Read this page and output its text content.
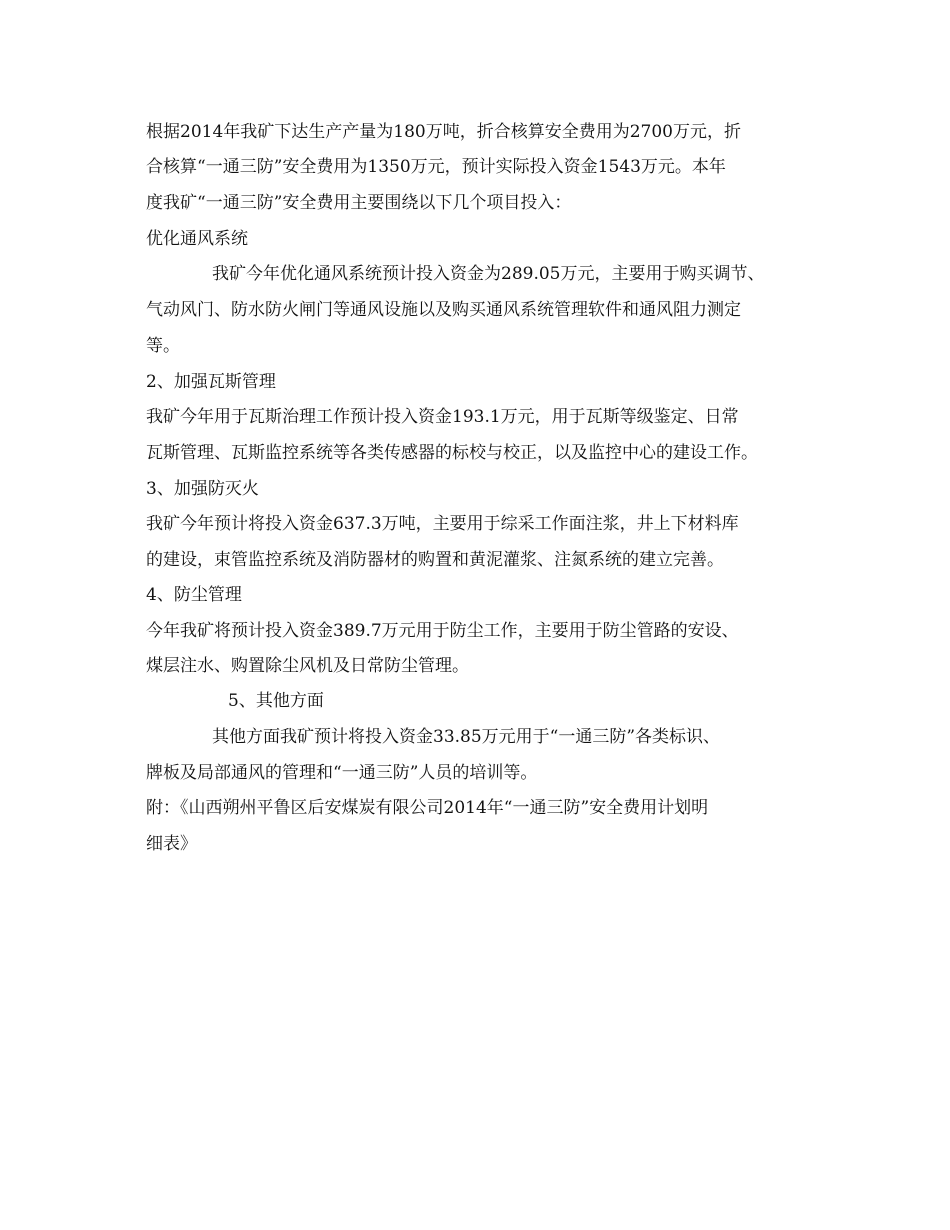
根据2014年我矿下达生产产量为180万吨，折合核算安全费用为2700万元，折
合核算“一通三防”安全费用为1350万元，预计实际投入资金1543万元。本年
度我矿“一通三防”安全费用主要围绕以下几个项目投入：
优化通风系统
我矿今年优化通风系统预计投入资金为289.05万元，主要用于购买调节、
气动风门、防水防火闸门等通风设施以及购买通风系统管理软件和通风阻力测定
等。
2、加强瓦斯管理
我矿今年用于瓦斯治理工作预计投入资金193.1万元，用于瓦斯等级鉴定、日常
瓦斯管理、瓦斯监控系统等各类传感器的标校与校正，以及监控中心的建设工作。
3、加强防灭火
我矿今年预计将投入资金637.3万吨，主要用于综采工作面注浆，井上下材料库
的建设，束管监控系统及消防器材的购置和黄泥灌浆、注氮系统的建立完善。
4、防尘管理
今年我矿将预计投入资金389.7万元用于防尘工作，主要用于防尘管路的安设、
煤层注水、购置除尘风机及日常防尘管理。
5、其他方面
其他方面我矿预计将投入资金33.85万元用于“一通三防”各类标识、
牌板及局部通风的管理和“一通三防”人员的培训等。
附：《山西朔州平鲁区后安煤炭有限公司2014年“一通三防”安全费用计划明
细表》
